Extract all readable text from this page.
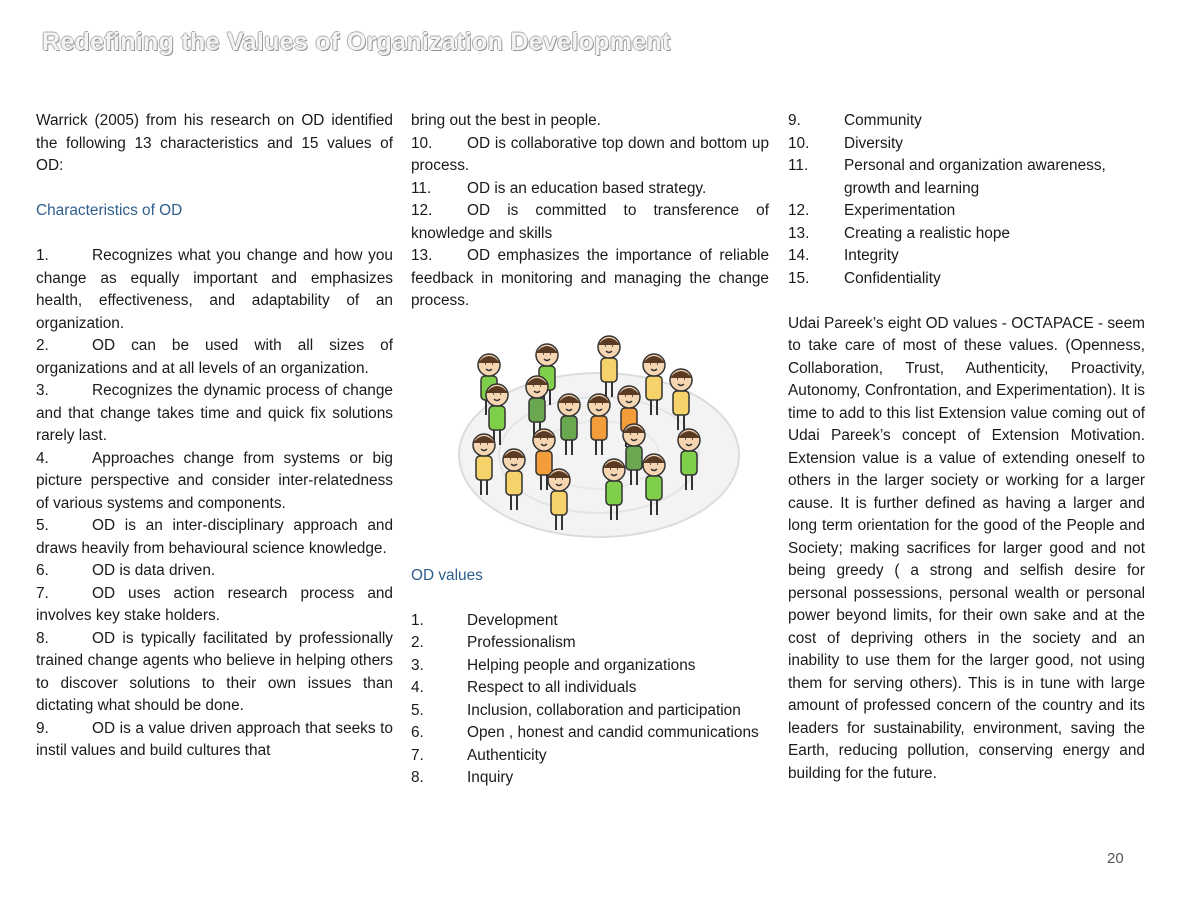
Redefining the Values of Organization Development

Warrick (2005) from his research on OD identified the following 13 characteristics and 15 values of OD:

Characteristics of OD

1.	Recognizes what you change and how you change as equally important and emphasizes health, effectiveness, and adaptability of an organization.

2.	OD can be used with all sizes of organizations and at all levels of an organization.

3.	Recognizes the dynamic process of change and that change takes time and quick fix solutions rarely last.

4.	Approaches change from systems or big picture perspective and consider inter-relatedness of various systems and components.

5.	OD is an inter-disciplinary approach and draws heavily from behavioural science knowledge.

6.	OD is data driven.

7.	OD uses action research process and involves key stake holders.

8.	OD is typically facilitated by professionally trained change agents who believe in helping others to discover solutions to their own issues than dictating what should be done.

9.	OD is a value driven approach that seeks to instil values and build cultures that

bring out the best in people.

10. OD is collaborative top down and bottom up process.

11. OD is an education based strategy.

12. OD is committed to transference of knowledge and skills

13. OD emphasizes the importance of reliable feedback in monitoring and managing the change process.

OD values

1.	Development
2.	Professionalism
3.	Helping people and organizations
4.	Respect to all individuals
5.	Inclusion, collaboration and participation
6.	Open , honest and candid communications
7.	Authenticity
8.	Inquiry
9.	Community
10.	Diversity
11.	Personal and organization awareness, growth and learning
12.	Experimentation
13.	Creating a realistic hope
14.	Integrity
15.	Confidentiality

Udai Pareek’s eight OD values - OCTAPACE - seem to take care of most of these values. (Openness, Collaboration, Trust, Authenticity, Proactivity, Autonomy, Confrontation, and Experimentation). It is time to add to this list Extension value coming out of Udai Pareek’s concept of Extension Motivation. Extension value is a value of extending oneself to others in the larger society or working for a larger cause. It is further defined as having a larger and long term orientation for the good of the People and Society; making sacrifices for larger good and not being greedy ( a strong and selfish desire for personal possessions, personal wealth or personal power beyond limits, for their own sake and at the cost of depriving others in the society and an inability to use them for the larger good, not using them for serving others). This is in tune with large amount of professed concern of the country and its leaders for sustainability, environment, saving the Earth, reducing pollution, conserving energy and building for the future.

20
